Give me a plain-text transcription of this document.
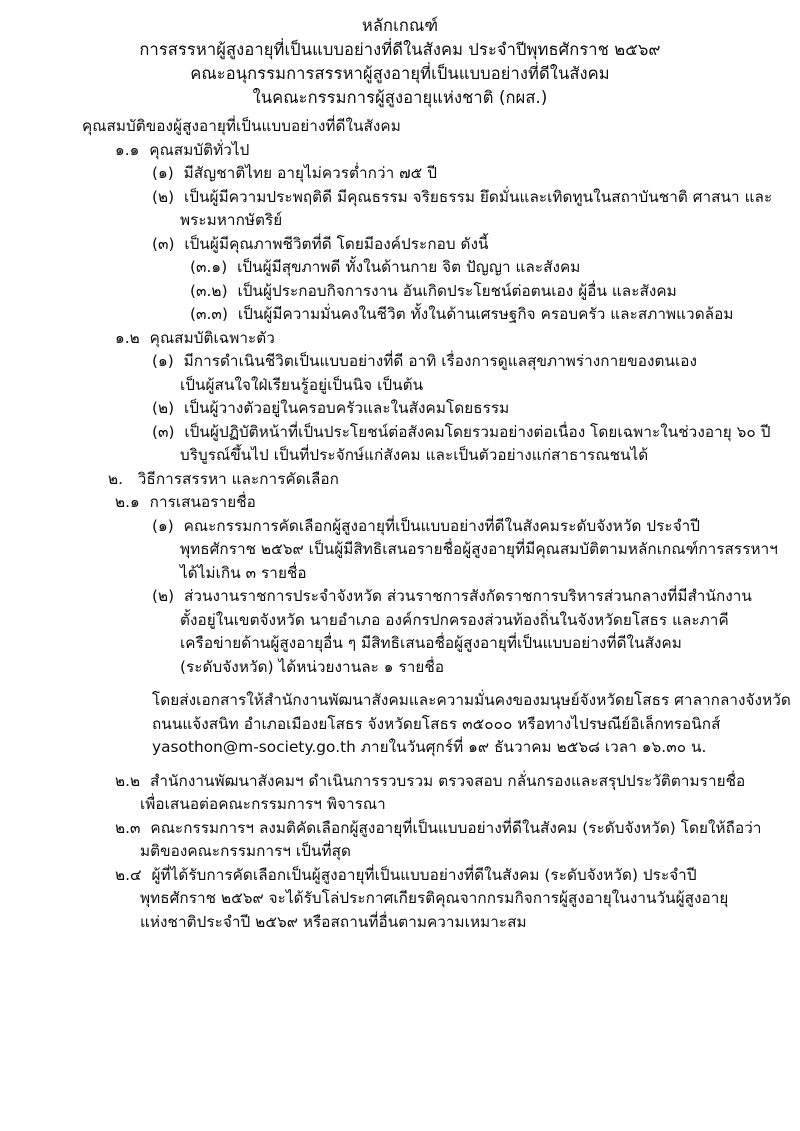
หลักเกณฑ์
การสรรหาผู้สูงอายุที่เป็นแบบอย่างที่ดีในสังคม ประจำปีพุทธศักราช ๒๕๖๙
คณะอนุกรรมการสรรหาผู้สูงอายุที่เป็นแบบอย่างที่ดีในสังคม
ในคณะกรรมการผู้สูงอายุแห่งชาติ (กผส.)
คุณสมบัติของผู้สูงอายุที่เป็นแบบอย่างที่ดีในสังคม
๑.๑ คุณสมบัติทั่วไป
(๑) มีสัญชาติไทย อายุไม่ควรต่ำกว่า ๗๕ ปี
(๒) เป็นผู้มีความประพฤติดี มีคุณธรรม จริยธรรม ยึดมั่นและเทิดทูนในสถาบันชาติ ศาสนา และ
พระมหากษัตริย์
(๓) เป็นผู้มีคุณภาพชีวิตที่ดี โดยมีองค์ประกอบ ดังนี้
(๓.๑) เป็นผู้มีสุขภาพดี ทั้งในด้านกาย จิต ปัญญา และสังคม
(๓.๒) เป็นผู้ประกอบกิจการงาน อันเกิดประโยชน์ต่อตนเอง ผู้อื่น และสังคม
(๓.๓) เป็นผู้มีความมั่นคงในชีวิต ทั้งในด้านเศรษฐกิจ ครอบครัว และสภาพแวดล้อม
๑.๒ คุณสมบัติเฉพาะตัว
(๑) มีการดำเนินชีวิตเป็นแบบอย่างที่ดี อาทิ เรื่องการดูแลสุขภาพร่างกายของตนเอง
เป็นผู้สนใจใฝ่เรียนรู้อยู่เป็นนิจ เป็นต้น
(๒) เป็นผู้วางตัวอยู่ในครอบครัวและในสังคมโดยธรรม
(๓) เป็นผู้ปฏิบัติหน้าที่เป็นประโยชน์ต่อสังคมโดยรวมอย่างต่อเนื่อง โดยเฉพาะในช่วงอายุ ๖๐ ปี
บริบูรณ์ขึ้นไป เป็นที่ประจักษ์แก่สังคม และเป็นตัวอย่างแก่สาธารณชนได้
๒. วิธีการสรรหา และการคัดเลือก
๒.๑ การเสนอรายชื่อ
(๑) คณะกรรมการคัดเลือกผู้สูงอายุที่เป็นแบบอย่างที่ดีในสังคมระดับจังหวัด ประจำปี
พุทธศักราช ๒๕๖๙ เป็นผู้มีสิทธิเสนอรายชื่อผู้สูงอายุที่มีคุณสมบัติตามหลักเกณฑ์การสรรหาฯ
ได้ไม่เกิน ๓ รายชื่อ
(๒) ส่วนงานราชการประจำจังหวัด ส่วนราชการสังกัดราชการบริหารส่วนกลางที่มีสำนักงาน
ตั้งอยู่ในเขตจังหวัด นายอำเภอ องค์กรปกครองส่วนท้องถิ่นในจังหวัดยโสธร และภาคี
เครือข่ายด้านผู้สูงอายุอื่น ๆ มีสิทธิเสนอชื่อผู้สูงอายุที่เป็นแบบอย่างที่ดีในสังคม
(ระดับจังหวัด) ได้หน่วยงานละ ๑ รายชื่อ
โดยส่งเอกสารให้สำนักงานพัฒนาสังคมและความมั่นคงของมนุษย์จังหวัดยโสธร ศาลากลางจังหวัด
ถนนแจ้งสนิท อำเภอเมืองยโสธร จังหวัดยโสธร ๓๕๐๐๐ หรือทางไปรษณีย์อิเล็กทรอนิกส์
yasothon@m-society.go.th ภายในวันศุกร์ที่ ๑๙ ธันวาคม ๒๕๖๘ เวลา ๑๖.๓๐ น.
๒.๒ สำนักงานพัฒนาสังคมฯ ดำเนินการรวบรวม ตรวจสอบ กลั่นกรองและสรุปประวัติตามรายชื่อ
เพื่อเสนอต่อคณะกรรมการฯ พิจารณา
๒.๓ คณะกรรมการฯ ลงมติคัดเลือกผู้สูงอายุที่เป็นแบบอย่างที่ดีในสังคม (ระดับจังหวัด) โดยให้ถือว่า
มติของคณะกรรมการฯ เป็นที่สุด
๒.๔ ผู้ที่ได้รับการคัดเลือกเป็นผู้สูงอายุที่เป็นแบบอย่างที่ดีในสังคม (ระดับจังหวัด) ประจำปี
พุทธศักราช ๒๕๖๙ จะได้รับโล่ประกาศเกียรติคุณจากกรมกิจการผู้สูงอายุในงานวันผู้สูงอายุ
แห่งชาติประจำปี ๒๕๖๙ หรือสถานที่อื่นตามความเหมาะสม
